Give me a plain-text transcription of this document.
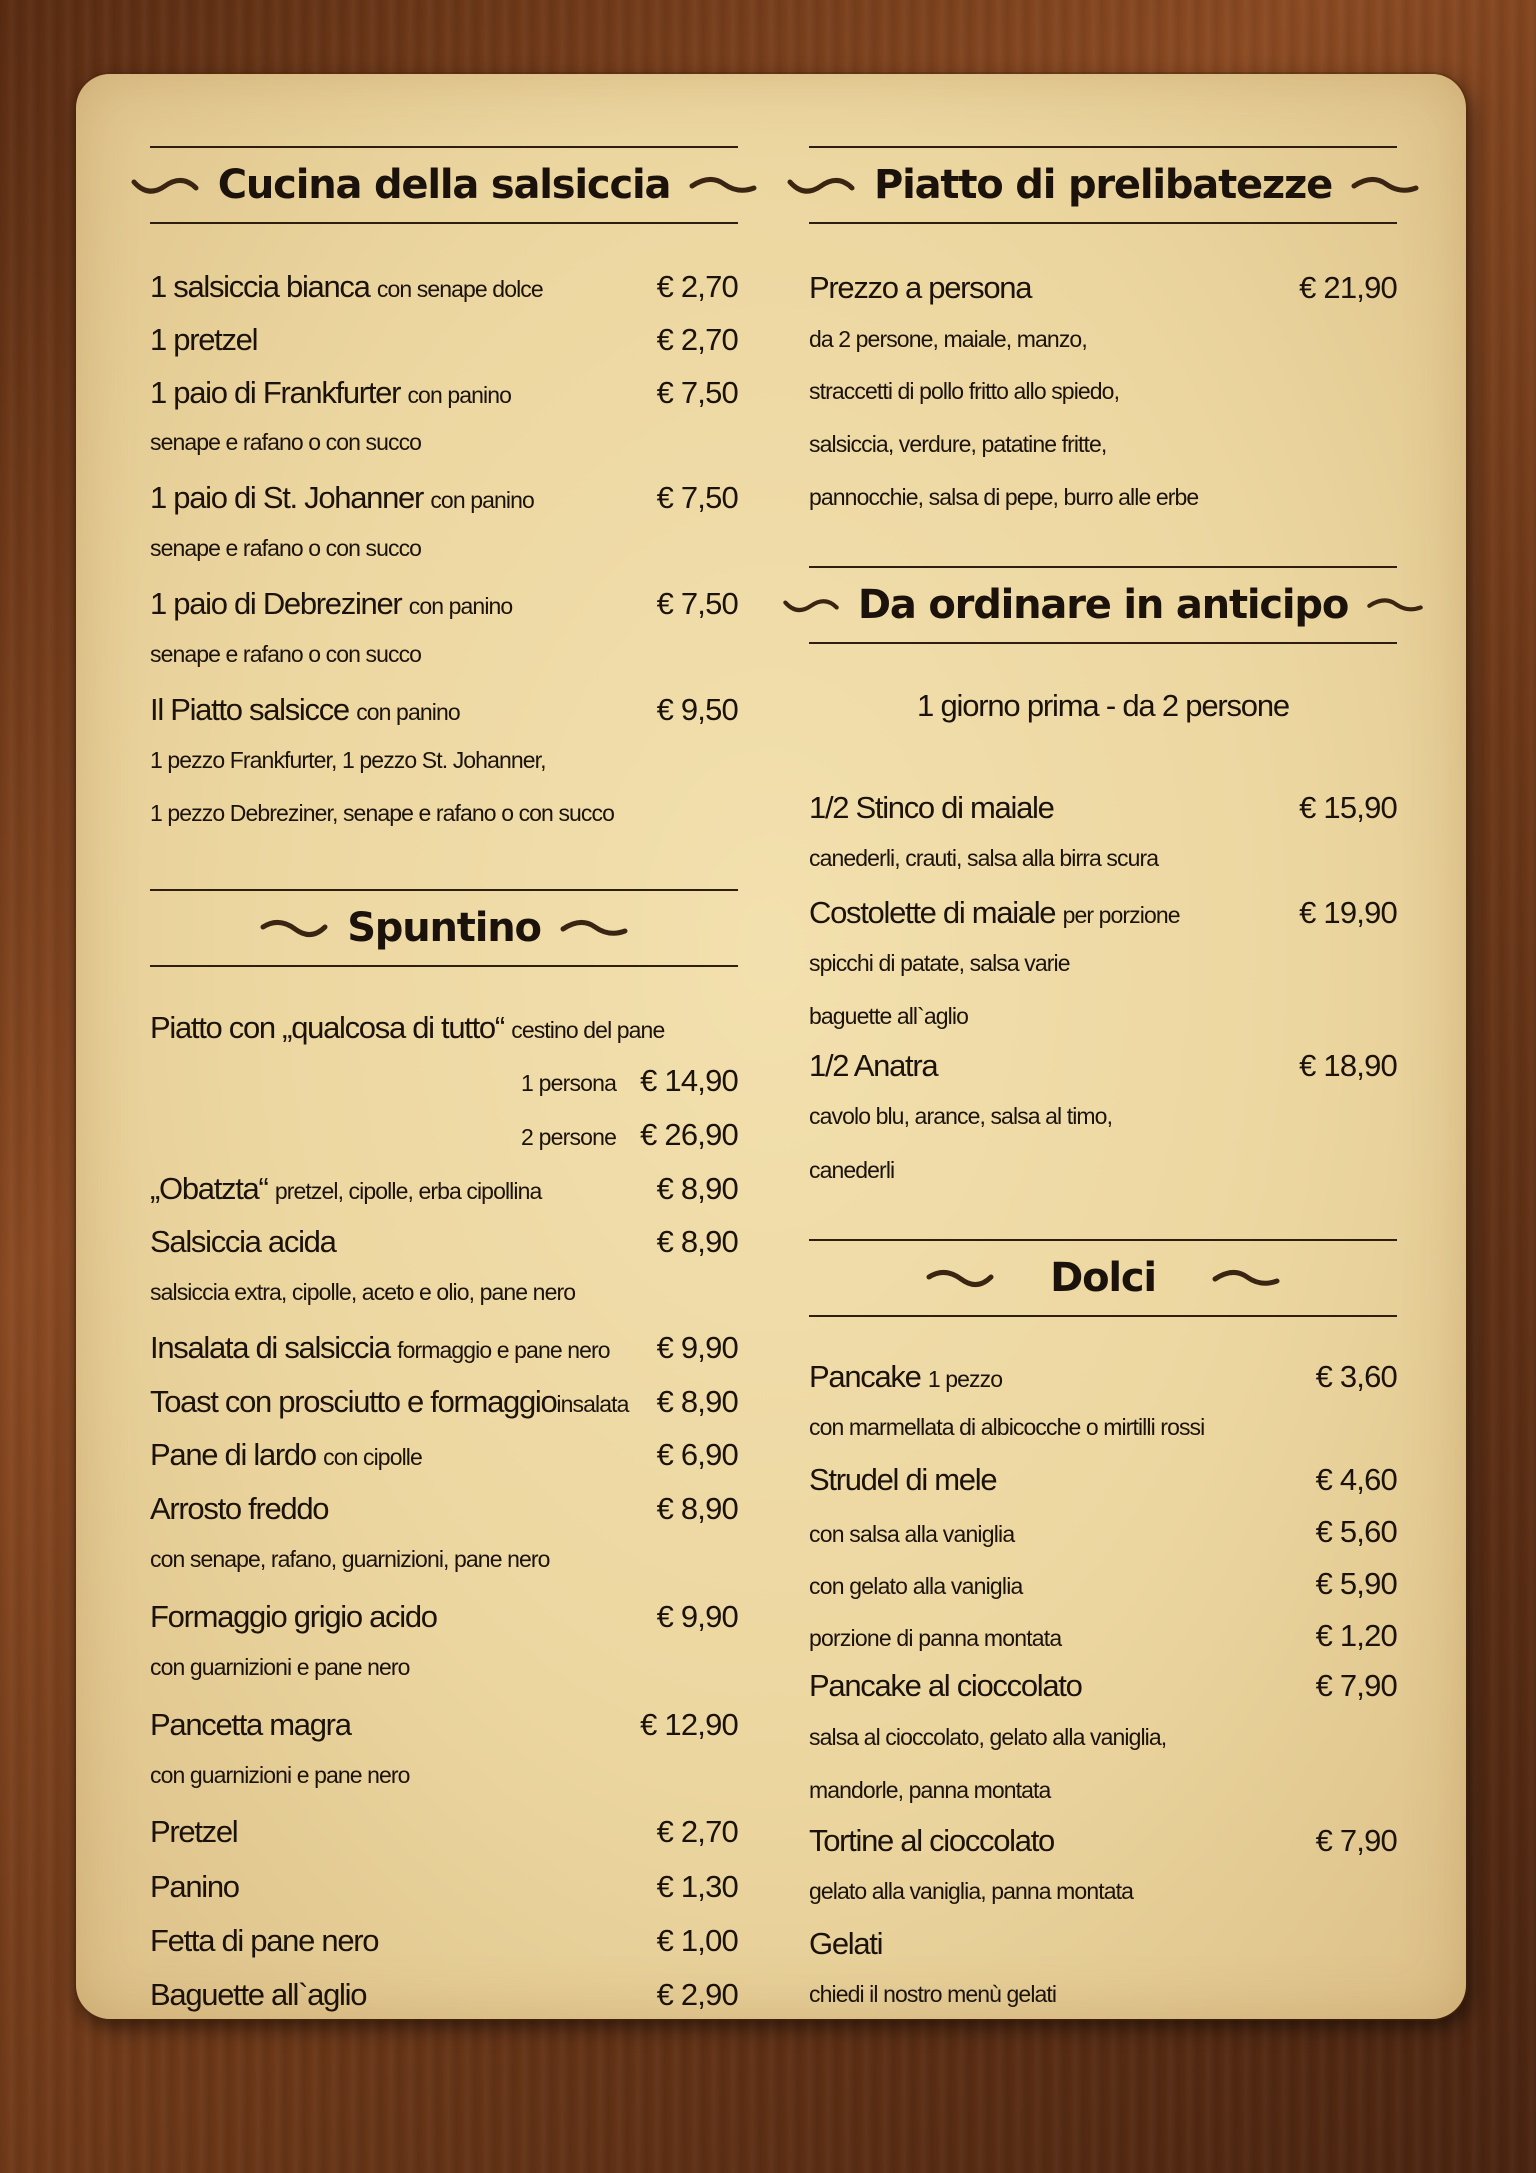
Cucina della salsiccia
1 salsiccia bianca con senape dolce	€ 2,70
1 pretzel	€ 2,70
1 paio di Frankfurter con panino	€ 7,50
senape e rafano o con succo
1 paio di St. Johanner con panino	€ 7,50
senape e rafano o con succo
1 paio di Debreziner con panino	€ 7,50
senape e rafano o con succo
Il Piatto salsicce con panino	€ 9,50
1 pezzo Frankfurter, 1 pezzo St. Johanner,
1 pezzo Debreziner, senape e rafano o con succo
Spuntino
Piatto con „qualcosa di tutto“ cestino del pane
1 persona € 14,90
2 persone € 26,90
„Obatzta“ pretzel, cipolle, erba cipollina	€ 8,90
Salsiccia acida	€ 8,90
salsiccia extra, cipolle, aceto e olio, pane nero
Insalata di salsiccia formaggio e pane nero € 9,90
Toast con prosciutto e formaggioinsalata € 8,90
Pane di lardo con cipolle	€ 6,90
Arrosto freddo	€ 8,90
con senape, rafano, guarnizioni, pane nero
Formaggio grigio acido	€ 9,90
con guarnizioni e pane nero
Pancetta magra	€ 12,90
con guarnizioni e pane nero
Pretzel	€ 2,70
Panino	€ 1,30
Fetta di pane nero	€ 1,00
Baguette all`aglio	€ 2,90
Piatto di prelibatezze
Prezzo a persona	€ 21,90
da 2 persone, maiale, manzo,
straccetti di pollo fritto allo spiedo,
salsiccia, verdure, patatine fritte,
pannocchie, salsa di pepe, burro alle erbe
Da ordinare in anticipo
1 giorno prima - da 2 persone
1/2 Stinco di maiale	€ 15,90
canederli, crauti, salsa alla birra scura
Costolette di maiale per porzione	€ 19,90
spicchi di patate, salsa varie
baguette all`aglio
1/2 Anatra	€ 18,90
cavolo blu, arance, salsa al timo,
canederli
Dolci
Pancake 1 pezzo	€ 3,60
con marmellata di albicocche o mirtilli rossi
Strudel di mele	€ 4,60
con salsa alla vaniglia	€ 5,60
con gelato alla vaniglia	€ 5,90
porzione di panna montata	€ 1,20
Pancake al cioccolato	€ 7,90
salsa al cioccolato, gelato alla vaniglia,
mandorle, panna montata
Tortine al cioccolato	€ 7,90
gelato alla vaniglia, panna montata
Gelati
chiedi il nostro menù gelati
